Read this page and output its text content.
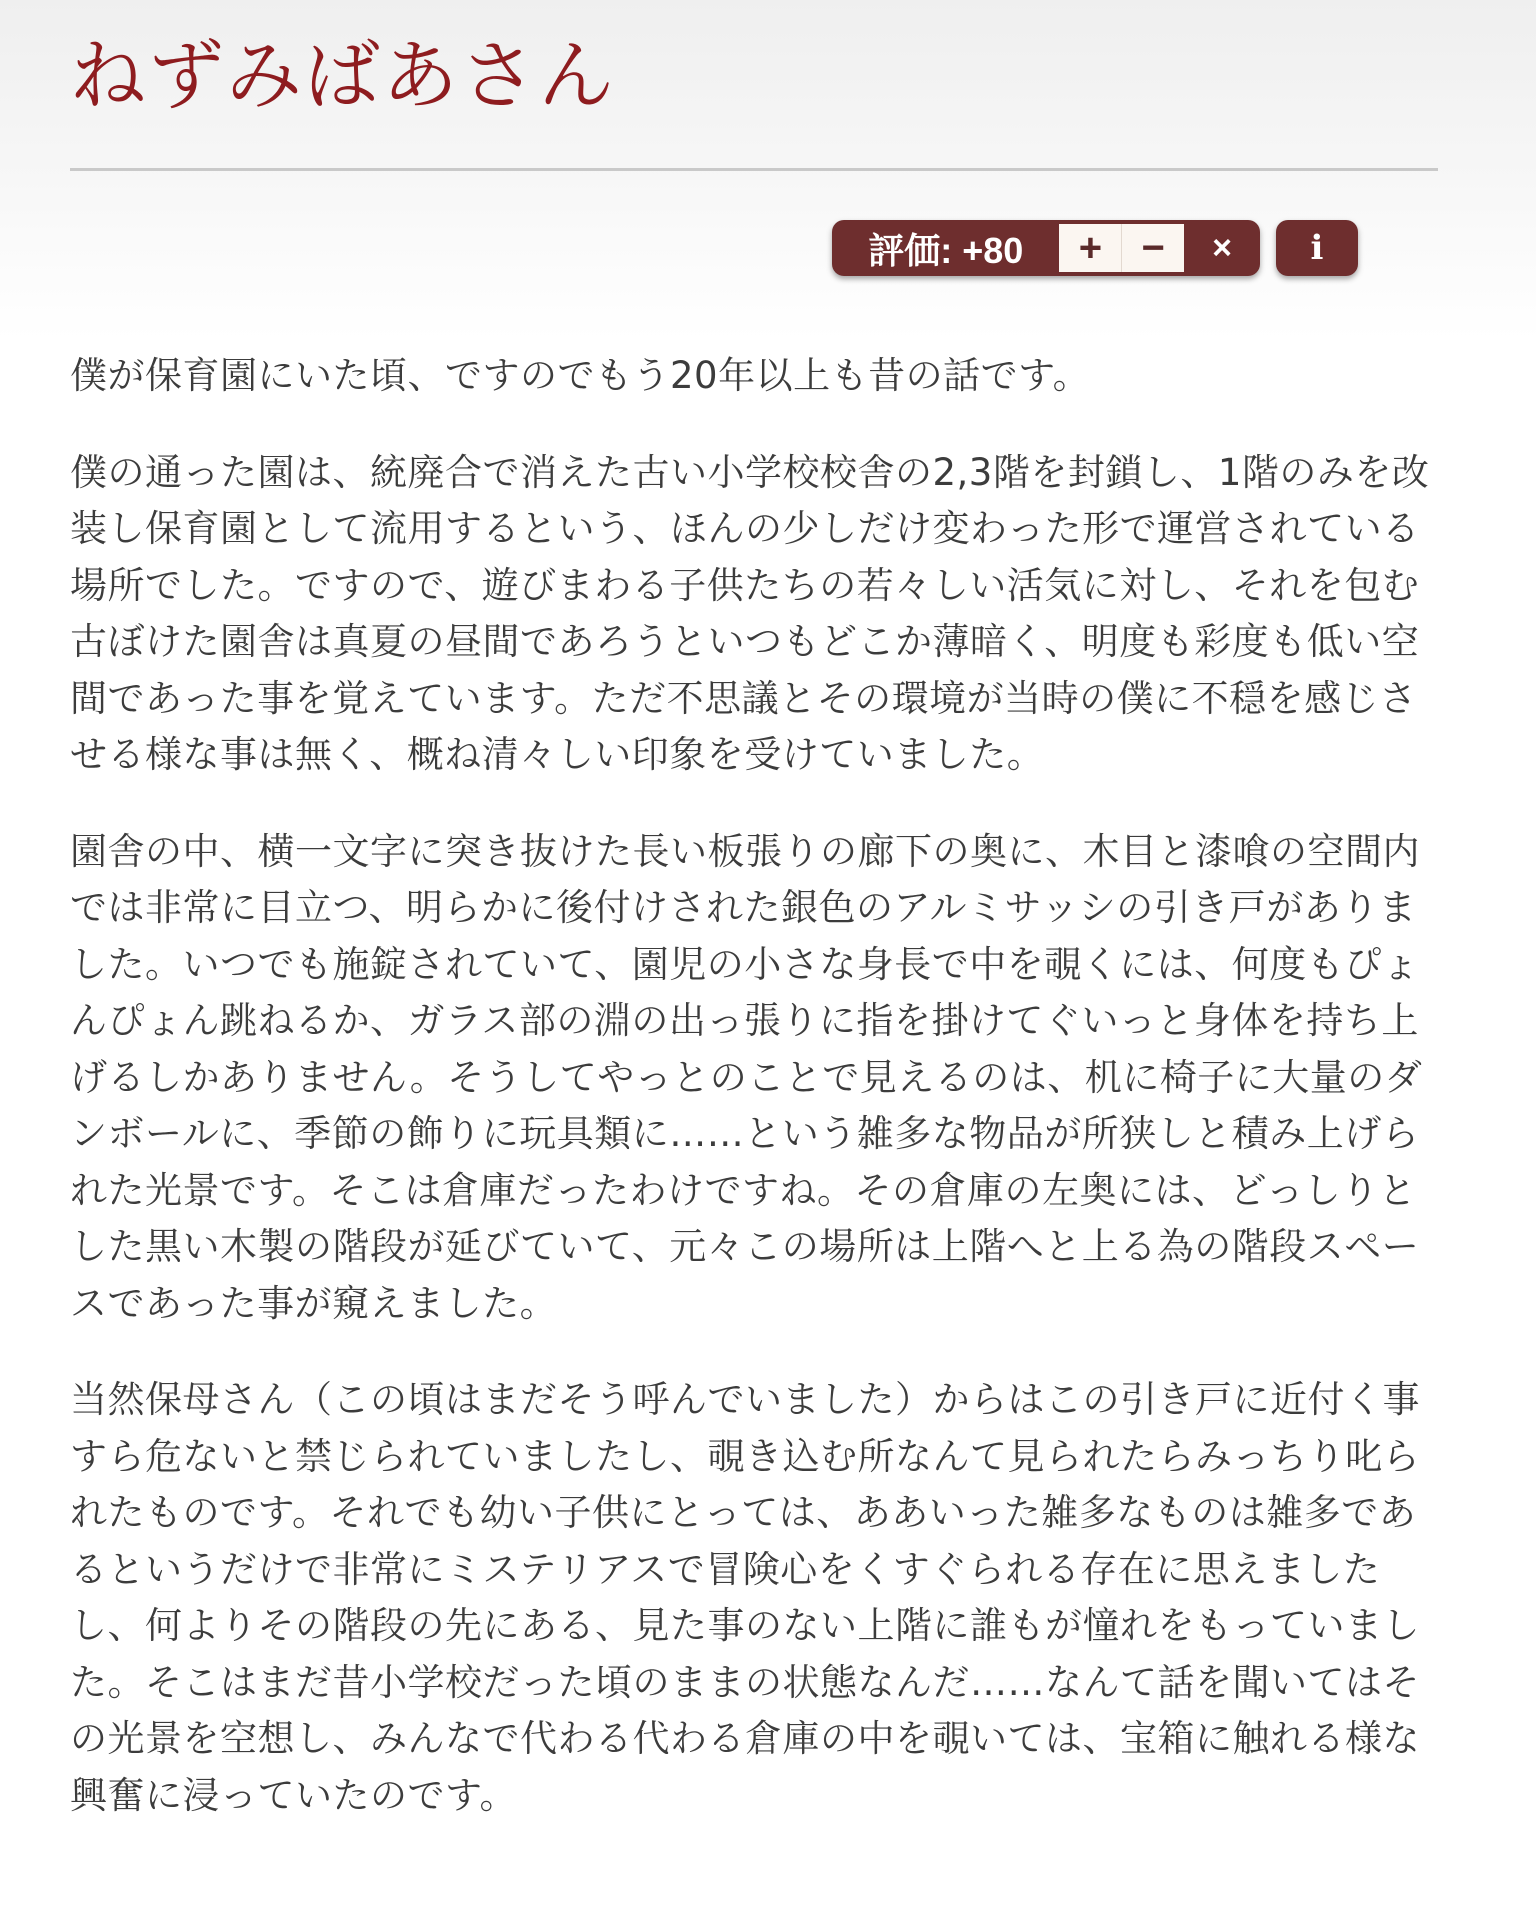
ねずみばあさん
評価: +80	+ −	×	i

僕が保育園にいた頃、ですのでもう20年以上も昔の話です。

僕の通った園は、統廃合で消えた古い小学校校舎の2,3階を封鎖し、1階のみを改装し保育園として流用するという、ほんの少しだけ変わった形で運営されている場所でした。ですので、遊びまわる子供たちの若々しい活気に対し、それを包む古ぼけた園舎は真夏の昼間であろうといつもどこか薄暗く、明度も彩度も低い空間であった事を覚えています。ただ不思議とその環境が当時の僕に不穏を感じさせる様な事は無く、概ね清々しい印象を受けていました。

園舎の中、横一文字に突き抜けた長い板張りの廊下の奥に、木目と漆喰の空間内では非常に目立つ、明らかに後付けされた銀色のアルミサッシの引き戸がありました。いつでも施錠されていて、園児の小さな身長で中を覗くには、何度もぴょんぴょん跳ねるか、ガラス部の淵の出っ張りに指を掛けてぐいっと身体を持ち上げるしかありません。そうしてやっとのことで見えるのは、机に椅子に大量のダンボールに、季節の飾りに玩具類に……という雑多な物品が所狭しと積み上げられた光景です。そこは倉庫だったわけですね。その倉庫の左奥には、どっしりとした黒い木製の階段が延びていて、元々この場所は上階へと上る為の階段スペースであった事が窺えました。

当然保母さん（この頃はまだそう呼んでいました）からはこの引き戸に近付く事すら危ないと禁じられていましたし、覗き込む所なんて見られたらみっちり叱られたものです。それでも幼い子供にとっては、ああいった雑多なものは雑多であるというだけで非常にミステリアスで冒険心をくすぐられる存在に思えましたし、何よりその階段の先にある、見た事のない上階に誰もが憧れをもっていました。そこはまだ昔小学校だった頃のままの状態なんだ……なんて話を聞いてはその光景を空想し、みんなで代わる代わる倉庫の中を覗いては、宝箱に触れる様な興奮に浸っていたのです。
